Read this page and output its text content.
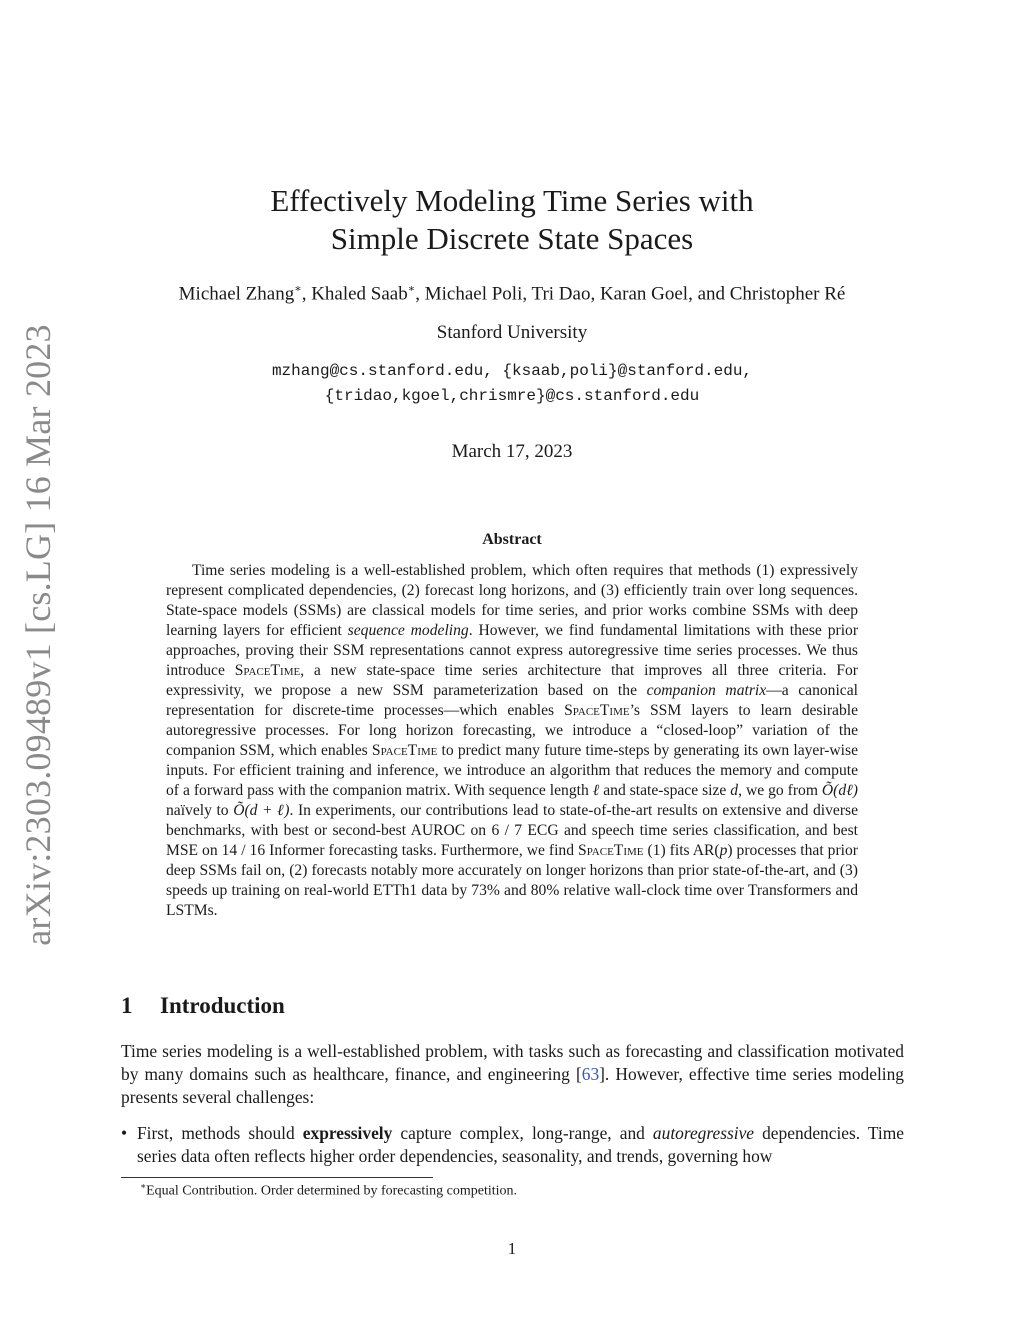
arXiv:2303.09489v1 [cs.LG] 16 Mar 2023
Effectively Modeling Time Series with
Simple Discrete State Spaces
Michael Zhang∗, Khaled Saab∗, Michael Poli, Tri Dao, Karan Goel, and Christopher Ré
Stanford University
mzhang@cs.stanford.edu, {ksaab,poli}@stanford.edu,
{tridao,kgoel,chrismre}@cs.stanford.edu
March 17, 2023
Abstract

Time series modeling is a well-established problem, which often requires that methods (1) expressively represent complicated dependencies, (2) forecast long horizons, and (3) efficiently train over long sequences. State-space models (SSMs) are classical models for time series, and prior works combine SSMs with deep learning layers for efficient sequence modeling. However, we find fundamental limitations with these prior approaches, proving their SSM representations cannot express autoregressive time series processes. We thus introduce SpaceTime, a new state-space time series architecture that improves all three criteria. For expressivity, we propose a new SSM parameterization based on the companion matrix—a canonical representation for discrete-time processes—which enables SpaceTime’s SSM layers to learn desirable autoregressive processes. For long horizon forecasting, we introduce a “closed-loop” variation of the companion SSM, which enables SpaceTime to predict many future time-steps by generating its own layer-wise inputs. For efficient training and inference, we introduce an algorithm that reduces the memory and compute of a forward pass with the companion matrix. With sequence length ℓ and state-space size d, we go from Õ(dℓ) naïvely to Õ(d + ℓ). In experiments, our contributions lead to state-of-the-art results on extensive and diverse benchmarks, with best or second-best AUROC on 6 / 7 ECG and speech time series classification, and best MSE on 14 / 16 Informer forecasting tasks. Furthermore, we find SpaceTime (1) fits AR(p) processes that prior deep SSMs fail on, (2) forecasts notably more accurately on longer horizons than prior state-of-the-art, and (3) speeds up training on real-world ETTh1 data by 73% and 80% relative wall-clock time over Transformers and LSTMs.

1 Introduction

Time series modeling is a well-established problem, with tasks such as forecasting and classification motivated by many domains such as healthcare, finance, and engineering [63]. However, effective time series modeling presents several challenges:

• First, methods should expressively capture complex, long-range, and autoregressive dependencies. Time series data often reflects higher order dependencies, seasonality, and trends, governing how
∗Equal Contribution. Order determined by forecasting competition.
1
